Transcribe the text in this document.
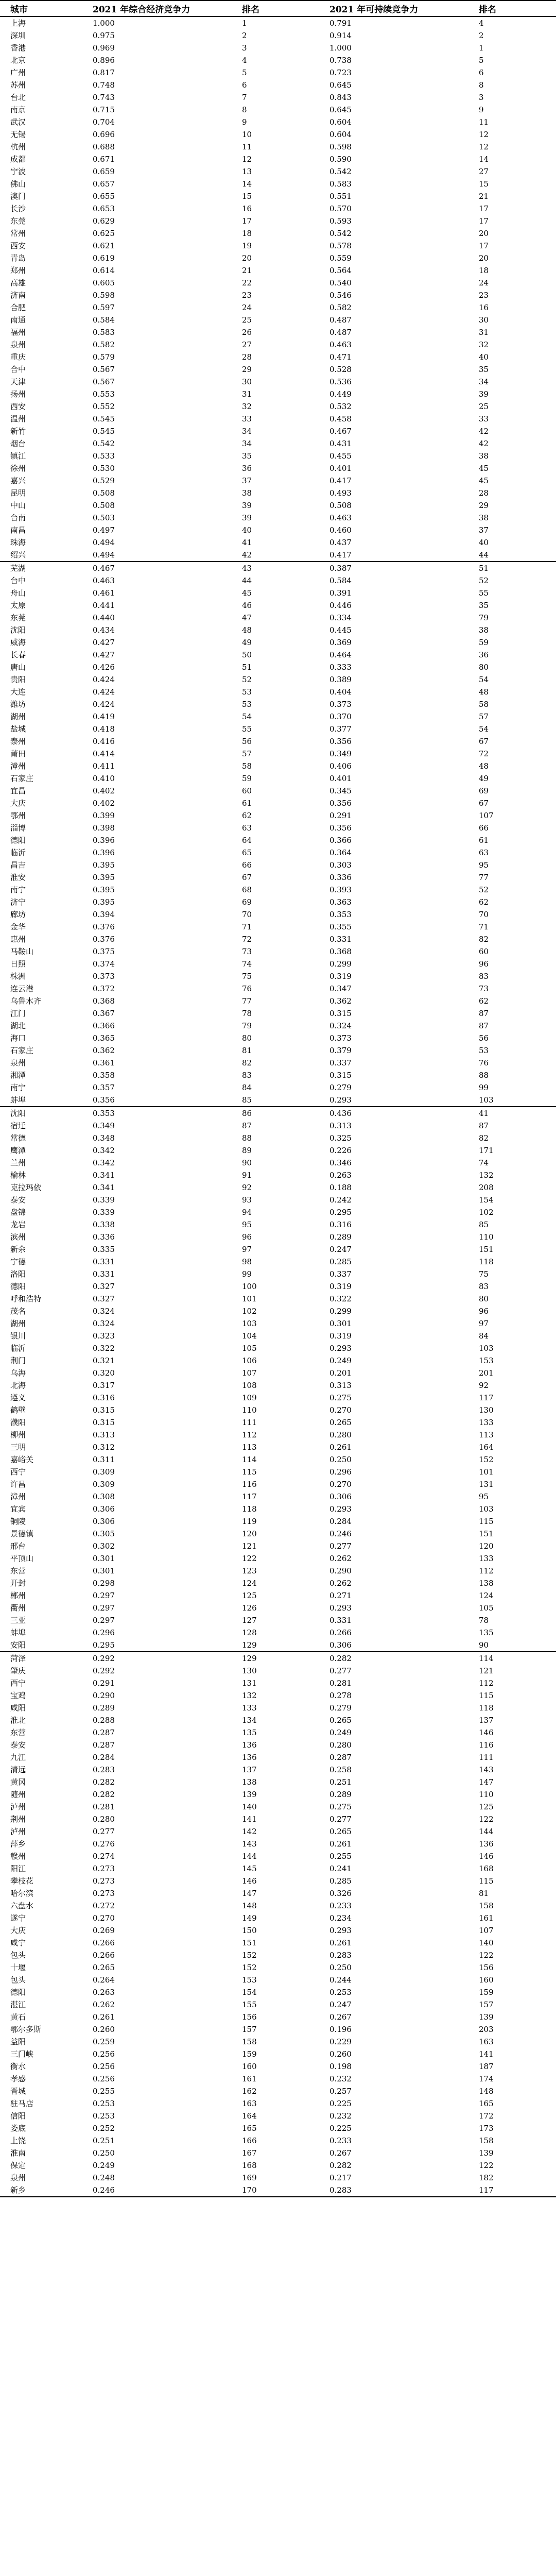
城市	2021 年综合经济竞争力	排名	2021 年可持续竞争力	排名
上海	1.000	1	0.791	4
深圳	0.975	2	0.914	2
香港	0.969	3	1.000	1
北京	0.896	4	0.738	5
广州	0.817	5	0.723	6
苏州	0.748	6	0.645	8
台北	0.743	7	0.843	3
南京	0.715	8	0.645	9
武汉	0.704	9	0.604	11
无锡	0.696	10	0.604	12
杭州	0.688	11	0.598	12
成都	0.671	12	0.590	14
宁波	0.659	13	0.542	27
佛山	0.657	14	0.583	15
澳门	0.655	15	0.551	21
长沙	0.653	16	0.570	17
东莞	0.629	17	0.593	17
常州	0.625	18	0.542	20
西安	0.621	19	0.578	17
青岛	0.619	20	0.559	20
郑州	0.614	21	0.564	18
高雄	0.605	22	0.540	24
济南	0.598	23	0.546	23
合肥	0.597	24	0.582	16
南通	0.584	25	0.487	30
福州	0.583	26	0.487	31
泉州	0.582	27	0.463	32
重庆	0.579	28	0.471	40
合中	0.567	29	0.528	35
天津	0.567	30	0.536	34
扬州	0.553	31	0.449	39
西安	0.552	32	0.532	25
温州	0.545	33	0.458	33
新竹	0.545	34	0.467	42
烟台	0.542	34	0.431	42
镇江	0.533	35	0.455	38
徐州	0.530	36	0.401	45
嘉兴	0.529	37	0.417	45
昆明	0.508	38	0.493	28
中山	0.508	39	0.508	29
台南	0.503	39	0.463	38
南昌	0.497	40	0.460	37
珠海	0.494	41	0.437	40
绍兴	0.494	42	0.417	44
芜湖	0.467	43	0.387	51
台中	0.463	44	0.584	52
舟山	0.461	45	0.391	55
太原	0.441	46	0.446	35
东莞	0.440	47	0.334	79
沈阳	0.434	48	0.445	38
威海	0.427	49	0.369	59
长春	0.427	50	0.464	36
唐山	0.426	51	0.333	80
贵阳	0.424	52	0.389	54
大连	0.424	53	0.404	48
潍坊	0.424	53	0.373	58
湖州	0.419	54	0.370	57
盐城	0.418	55	0.377	54
泰州	0.416	56	0.356	67
莆田	0.414	57	0.349	72
漳州	0.411	58	0.406	48
石家庄	0.410	59	0.401	49
宜昌	0.402	60	0.345	69
大庆	0.402	61	0.356	67
鄂州	0.399	62	0.291	107
淄博	0.398	63	0.356	66
德阳	0.396	64	0.366	61
临沂	0.396	65	0.364	63
昌吉	0.395	66	0.303	95
淮安	0.395	67	0.336	77
南宁	0.395	68	0.393	52
济宁	0.395	69	0.363	62
廊坊	0.394	70	0.353	70
金华	0.376	71	0.355	71
惠州	0.376	72	0.331	82
马鞍山	0.375	73	0.368	60
日照	0.374	74	0.299	96
株洲	0.373	75	0.319	83
连云港	0.372	76	0.347	73
乌鲁木齐	0.368	77	0.362	62
江门	0.367	78	0.315	87
湖北	0.366	79	0.324	87
海口	0.365	80	0.373	56
石家庄	0.362	81	0.379	53
泉州	0.361	82	0.337	76
湘潭	0.358	83	0.315	88
南宁	0.357	84	0.279	99
蚌埠	0.356	85	0.293	103
沈阳	0.353	86	0.436	41
宿迁	0.349	87	0.313	87
常德	0.348	88	0.325	82
鹰潭	0.342	89	0.226	171
兰州	0.342	90	0.346	74
榆林	0.341	91	0.263	132
克拉玛依	0.341	92	0.188	208
泰安	0.339	93	0.242	154
盘锦	0.339	94	0.295	102
龙岩	0.338	95	0.316	85
滨州	0.336	96	0.289	110
新余	0.335	97	0.247	151
宁德	0.331	98	0.285	118
洛阳	0.331	99	0.337	75
德阳	0.327	100	0.319	83
呼和浩特	0.327	101	0.322	80
茂名	0.324	102	0.299	96
湖州	0.324	103	0.301	97
银川	0.323	104	0.319	84
临沂	0.322	105	0.293	103
荆门	0.321	106	0.249	153
乌海	0.320	107	0.201	201
北海	0.317	108	0.313	92
遵义	0.316	109	0.275	117
鹤壁	0.315	110	0.270	130
濮阳	0.315	111	0.265	133
柳州	0.313	112	0.280	113
三明	0.312	113	0.261	164
嘉峪关	0.311	114	0.250	152
西宁	0.309	115	0.296	101
许昌	0.309	116	0.270	131
漳州	0.308	117	0.306	95
宜宾	0.306	118	0.293	103
铜陵	0.306	119	0.284	115
景德镇	0.305	120	0.246	151
邢台	0.302	121	0.277	120
平顶山	0.301	122	0.262	133
东营	0.301	123	0.290	112
开封	0.298	124	0.262	138
郴州	0.297	125	0.271	124
衢州	0.297	126	0.293	105
三亚	0.297	127	0.331	78
蚌埠	0.296	128	0.266	135
安阳	0.295	129	0.306	90
菏泽	0.292	129	0.282	114
肇庆	0.292	130	0.277	121
西宁	0.291	131	0.281	112
宝鸡	0.290	132	0.278	115
咸阳	0.289	133	0.279	118
淮北	0.288	134	0.265	137
东营	0.287	135	0.249	146
泰安	0.287	136	0.280	116
九江	0.284	136	0.287	111
清远	0.283	137	0.258	143
黄冈	0.282	138	0.251	147
随州	0.282	139	0.289	110
泸州	0.281	140	0.275	125
荆州	0.280	141	0.277	122
泸州	0.277	142	0.265	144
萍乡	0.276	143	0.261	136
赣州	0.274	144	0.255	146
阳江	0.273	145	0.241	168
攀枝花	0.273	146	0.285	115
哈尔滨	0.273	147	0.326	81
六盘水	0.272	148	0.233	158
遂宁	0.270	149	0.234	161
大庆	0.269	150	0.293	107
咸宁	0.266	151	0.261	140
包头	0.266	152	0.283	122
十堰	0.265	152	0.250	156
包头	0.264	153	0.244	160
德阳	0.263	154	0.253	159
湛江	0.262	155	0.247	157
黄石	0.261	156	0.267	139
鄂尔多斯	0.260	157	0.196	203
益阳	0.259	158	0.229	163
三门峡	0.256	159	0.260	141
衡水	0.256	160	0.198	187
孝感	0.256	161	0.232	174
晋城	0.255	162	0.257	148
驻马店	0.253	163	0.225	165
信阳	0.253	164	0.232	172
娄底	0.252	165	0.225	173
上饶	0.251	166	0.233	158
淮南	0.250	167	0.267	139
保定	0.249	168	0.282	122
泉州	0.248	169	0.217	182
新乡	0.246	170	0.283	117
